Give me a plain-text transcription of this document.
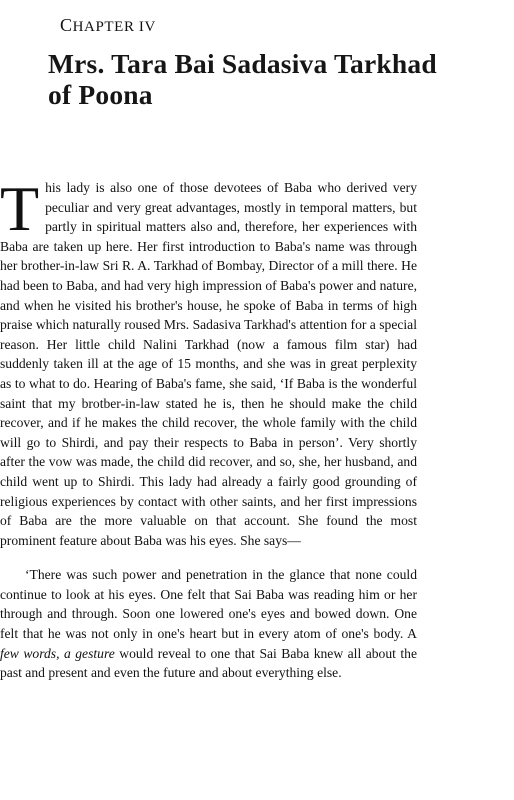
CHAPTER IV
Mrs. Tara Bai Sadasiva Tarkhad of Poona

This lady is also one of those devotees of Baba who derived very peculiar and very great advantages, mostly in temporal matters, but partly in spiritual matters also and, therefore, her experiences with Baba are taken up here. Her first introduction to Baba's name was through her brother-in-law Sri R. A. Tarkhad of Bombay, Director of a mill there. He had been to Baba, and had very high impression of Baba's power and nature, and when he visited his brother's house, he spoke of Baba in terms of high praise which naturally roused Mrs. Sadasiva Tarkhad's attention for a special reason. Her little child Nalini Tarkhad (now a famous film star) had suddenly taken ill at the age of 15 months, and she was in great perplexity as to what to do. Hearing of Baba's fame, she said, ‘If Baba is the wonderful saint that my brotber-in-law stated he is, then he should make the child recover, and if he makes the child recover, the whole family with the child will go to Shirdi, and pay their respects to Baba in person’. Very shortly after the vow was made, the child did recover, and so, she, her husband, and child went up to Shirdi. This lady had already a fairly good grounding of religious experiences by contact with other saints, and her first impressions of Baba are the more valuable on that account. She found the most prominent feature about Baba was his eyes. She says—

‘There was such power and penetration in the glance that none could continue to look at his eyes. One felt that Sai Baba was reading him or her through and through. Soon one lowered one's eyes and bowed down. One felt that he was not only in one's heart but in every atom of one's body. A few words, a gesture would reveal to one that Sai Baba knew all about the past and present and even the future and about everything else.
